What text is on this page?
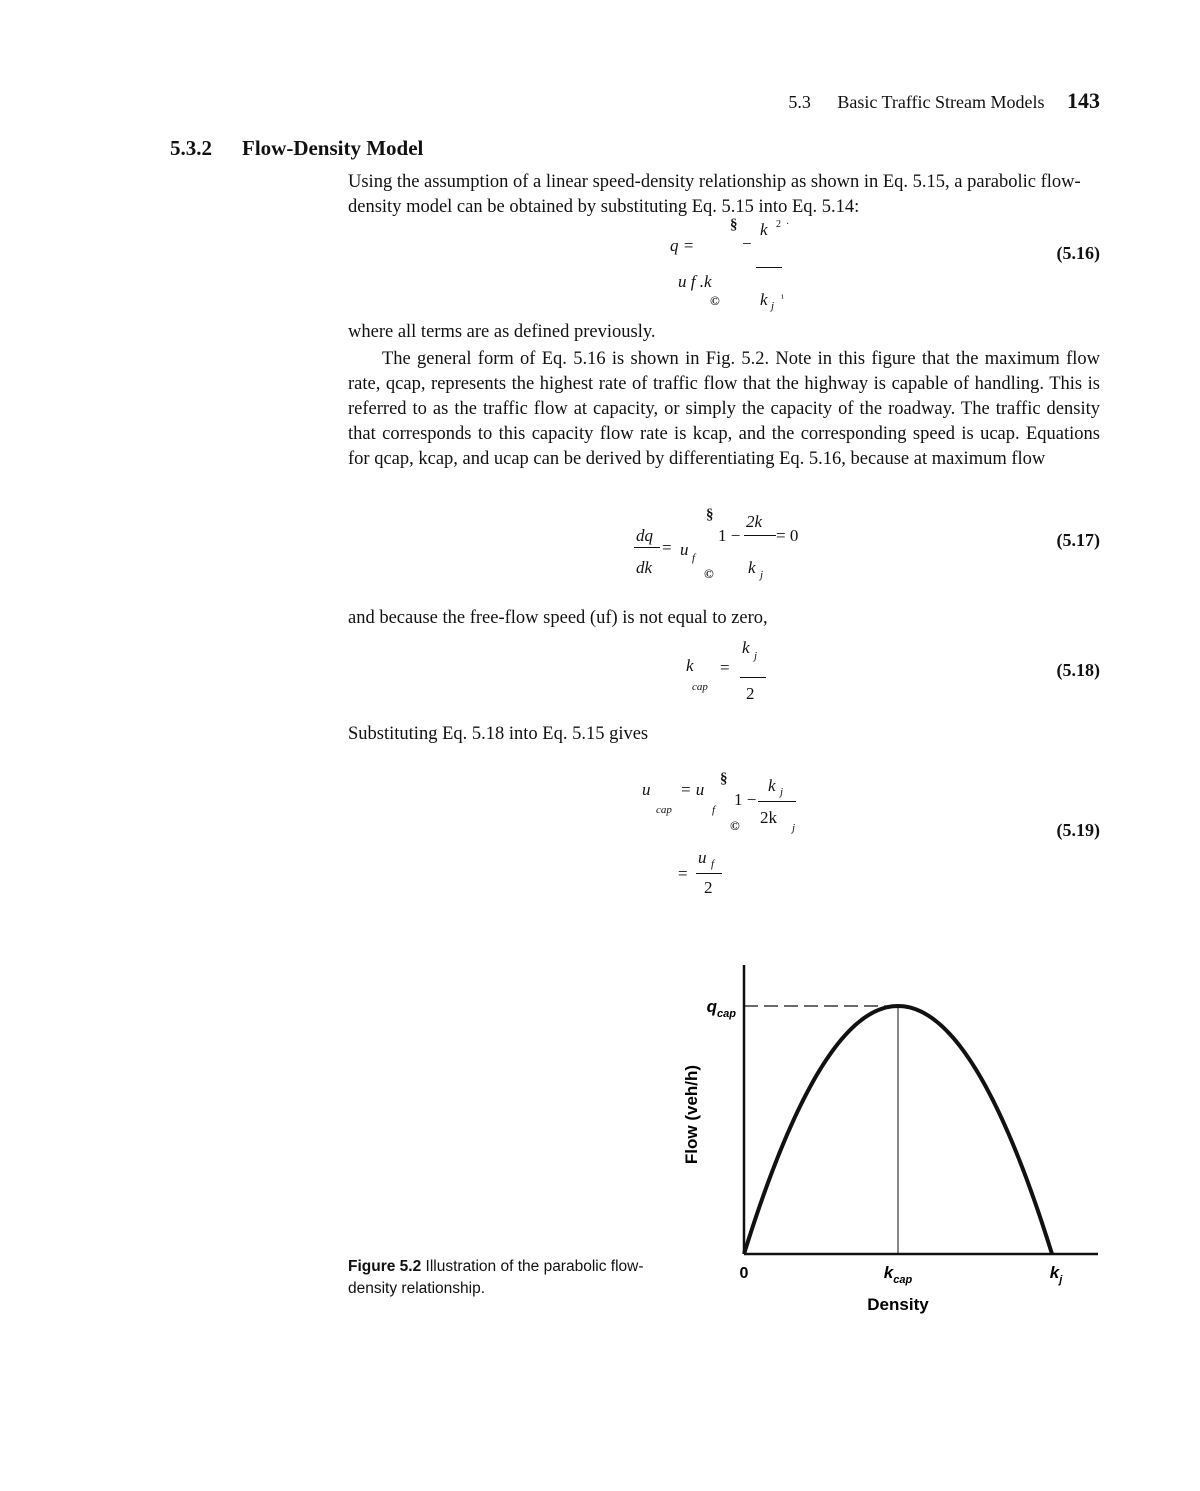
5.3 Basic Traffic Stream Models 143
5.3.2 Flow-Density Model
Using the assumption of a linear speed-density relationship as shown in Eq. 5.15, a parabolic flow-density model can be obtained by substituting Eq. 5.15 into Eq. 5.14:
q =
u f .k
§
©
−
k 2 ·
k j
¹
(5.16)
where all terms are as defined previously.
The general form of Eq. 5.16 is shown in Fig. 5.2. Note in this figure that the maximum flow rate, qcap, represents the highest rate of traffic flow that the highway is capable of handling. This is referred to as the traffic flow at capacity, or simply the capacity of the roadway. The traffic density that corresponds to this capacity flow rate is kcap, and the corresponding speed is ucap. Equations for qcap, kcap, and ucap can be derived by differentiating Eq. 5.16, because at maximum flow
dq
dk
= u f
§
©
1 −
2k
k j
= 0	(5.17)
and because the free-flow speed (uf) is not equal to zero,
k
cap
=
k j
2
(5.18)
Substituting Eq. 5.18 into Eq. 5.15 gives
u
cap
= u
f
§
©
1 −
k j
2k
j
=
u f
2
(5.19)
Figure 5.2 Illustration of the parabolic flow-density relationship.
Flow (veh/h)
Density
0	$k_{cap}$	$k_j$
$q_{cap}$
